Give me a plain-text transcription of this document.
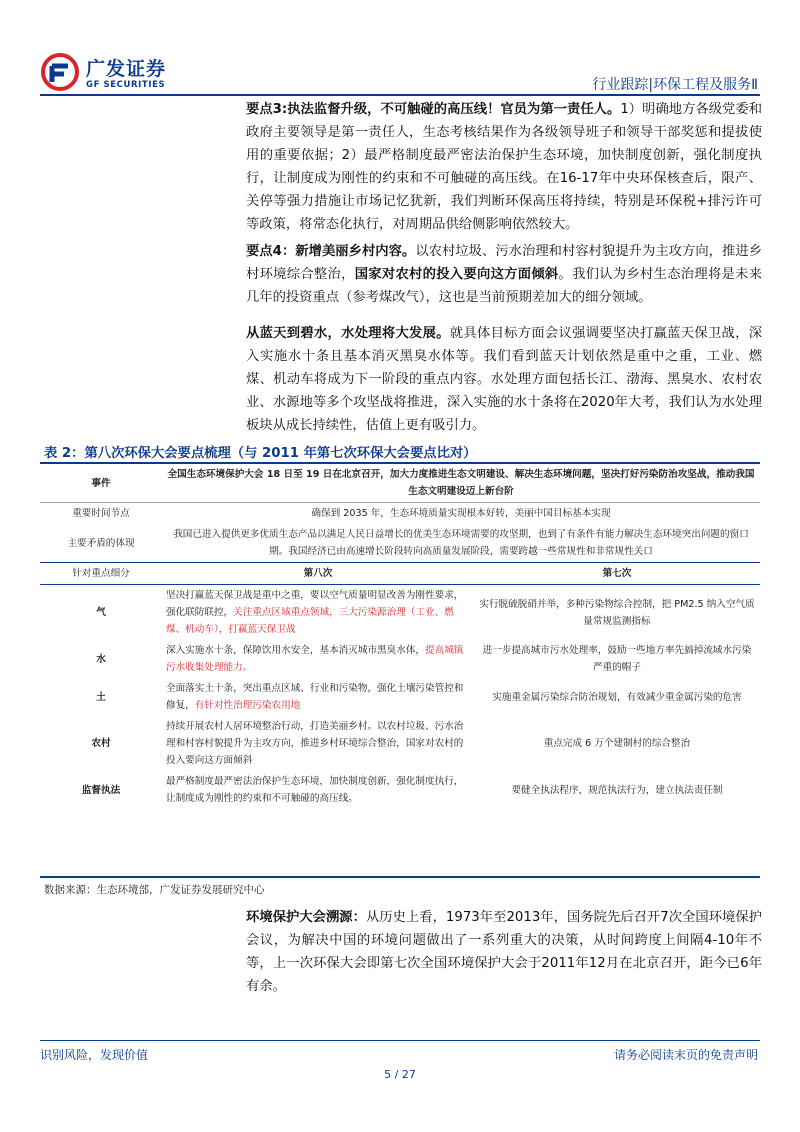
广发证券
GF SECURITIES	行业跟踪|环保工程及服务Ⅱ
要点3:执法监督升级，不可触碰的高压线！官员为第一责任人。1）明确地方各级党委和政府主要领导是第一责任人，生态考核结果作为各级领导班子和领导干部奖惩和提拔使用的重要依据；2）最严格制度最严密法治保护生态环境，加快制度创新，强化制度执行，让制度成为刚性的约束和不可触碰的高压线。在16-17年中央环保核查后，限产、关停等强力措施让市场记忆犹新，我们判断环保高压将持续，特别是环保税+排污许可等政策，将常态化执行，对周期品供给侧影响依然较大。
要点4：新增美丽乡村内容。以农村垃圾、污水治理和村容村貌提升为主攻方向，推进乡村环境综合整治，国家对农村的投入要向这方面倾斜。我们认为乡村生态治理将是未来几年的投资重点（参考煤改气），这也是当前预期差加大的细分领域。
从蓝天到碧水，水处理将大发展。就具体目标方面会议强调要坚决打赢蓝天保卫战，深入实施水十条且基本消灭黑臭水体等。我们看到蓝天计划依然是重中之重，工业、燃煤、机动车将成为下一阶段的重点内容。水处理方面包括长江、渤海、黑臭水、农村农业、水源地等多个攻坚战将推进，深入实施的水十条将在2020年大考，我们认为水处理板块从成长持续性，估值上更有吸引力。
表 2：第八次环保大会要点梳理（与 2011 年第七次环保大会要点比对）
事件	全国生态环境保护大会 18 日至 19 日在北京召开，加大力度推进生态文明建设、解决生态环境问题，坚决打好污染防治攻坚战，推动我国生态文明建设迈上新台阶	
重要时间节点	确保到 2035 年，生态环境质量实现根本好转，美丽中国目标基本实现	
主要矛盾的体现	我国已进入提供更多优质生态产品以满足人民日益增长的优美生态环境需要的攻坚期，也到了有条件有能力解决生态环境突出问题的窗口期。我国经济已由高速增长阶段转向高质量发展阶段，需要跨越一些常规性和非常规性关口	
针对重点细分	第八次	第七次
气	坚决打赢蓝天保卫战是重中之重，要以空气质量明显改善为刚性要求，强化联防联控，关注重点区域重点领域，三大污染源治理（工业、燃煤、机动车），打赢蓝天保卫战	实行脱硫脱硝并举，多种污染物综合控制，把 PM2.5 纳入空气质量常规监测指标
水	深入实施水十条，保障饮用水安全，基本消灭城市黑臭水体，提高城镇污水收集处理能力。	进一步提高城市污水处理率，鼓励一些地方率先搞掉流域水污染严重的帽子
土	全面落实土十条，突出重点区域、行业和污染物，强化土壤污染管控和修复，有针对性治理污染农用地	实施重金属污染综合防治规划，有效减少重金属污染的危害
农村	持续开展农村人居环境整治行动，打造美丽乡村。以农村垃圾、污水治理和村容村貌提升为主攻方向，推进乡村环境综合整治，国家对农村的投入要向这方面倾斜	重点完成 6 万个建制村的综合整治
监督执法	最严格制度最严密法治保护生态环境，加快制度创新，强化制度执行，让制度成为刚性的约束和不可触碰的高压线。	要健全执法程序，规范执法行为，建立执法责任制
数据来源：生态环境部，广发证券发展研究中心
环境保护大会溯源：从历史上看，1973年至2013年，国务院先后召开7次全国环境保护会议，为解决中国的环境问题做出了一系列重大的决策，从时间跨度上间隔4-10年不等，上一次环保大会即第七次全国环境保护大会于2011年12月在北京召开，距今已6年有余。
识别风险，发现价值	请务必阅读末页的免责声明
5 / 27
